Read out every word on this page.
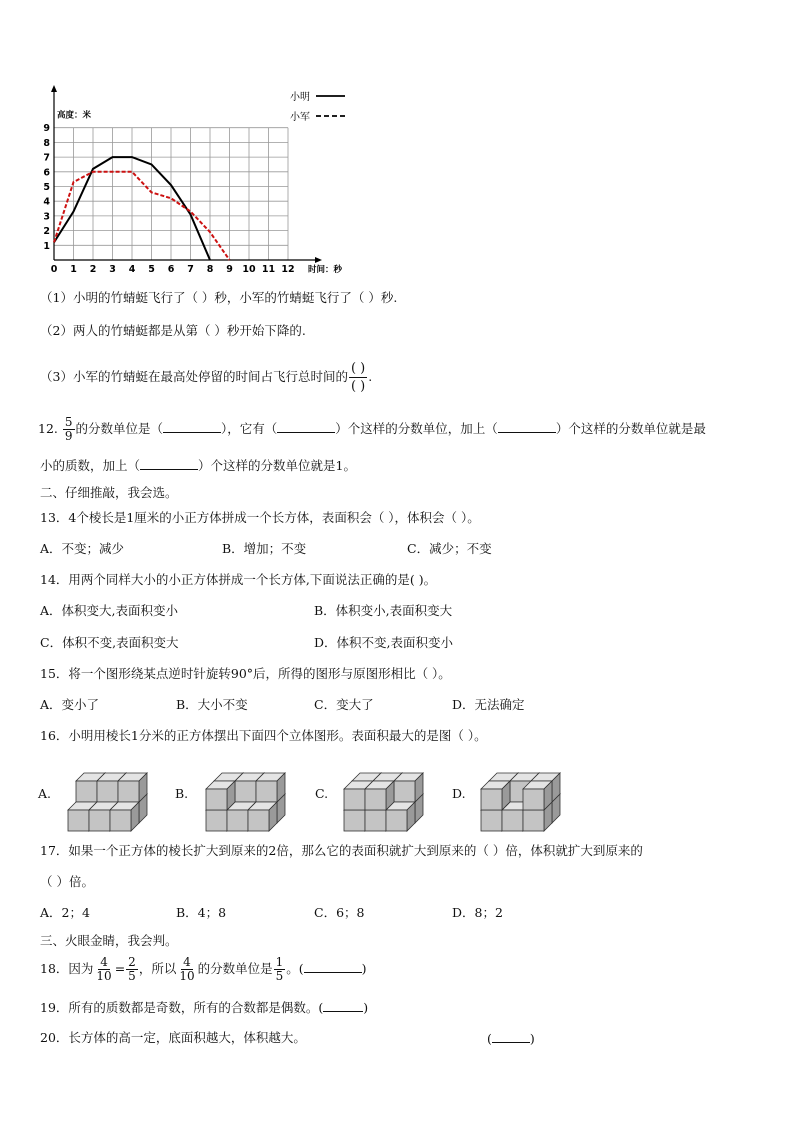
0 1 2 3 4 5 6 7 8 9 10 11 12
1
2
3
4
5
6
7
8
9
高度：米
时间：秒
小明
小军
（1）小明的竹蜻蜓飞行了（ ）秒，小军的竹蜻蜓飞行了（ ）秒.
（2）两人的竹蜻蜓都是从第（ ）秒开始下降的.
（3）小军的竹蜻蜓在最高处停留的时间占飞行总时间的 $\frac{( )}{( )}$ .
12. $\frac{5}{9}$ 的分数单位是（	），它有（	）个这样的分数单位，加上（	）个这样的分数单位就是最
小的质数，加上（	）个这样的分数单位就是1。
二、仔细推敲，我会选。
13．4个棱长是1厘米的小正方体拼成一个长方体，表面积会（ ），体积会（ ）。
A．不变；减少	B．增加；不变	C．减少；不变
14．用两个同样大小的小正方体拼成一个长方体,下面说法正确的是( )。
A．体积变大,表面积变小	B．体积变小,表面积变大
C．体积不变,表面积变大	D．体积不变,表面积变小
15．将一个图形绕某点逆时针旋转90°后，所得的图形与原图形相比（ ）。
A．变小了	B．大小不变	C．变大了	D．无法确定
16．小明用棱长1分米的正方体摆出下面四个立体图形。表面积最大的是图（ ）。
A.	B.	C.	D.
17．如果一个正方体的棱长扩大到原来的2倍，那么它的表面积就扩大到原来的（ ）倍，体积就扩大到原来的
（ ）倍。
A．2；4	B．4；8	C．6；8	D．8；2
三、火眼金睛，我会判。
18．因为 $\frac{4}{10} = \frac{2}{5}$ ，所以 $\frac{4}{10}$ 的分数单位是 $\frac{1}{5}$ 。(	)
19．所有的质数都是奇数，所有的合数都是偶数。(	)
20．长方体的高一定，底面积越大，体积越大。	(	)
